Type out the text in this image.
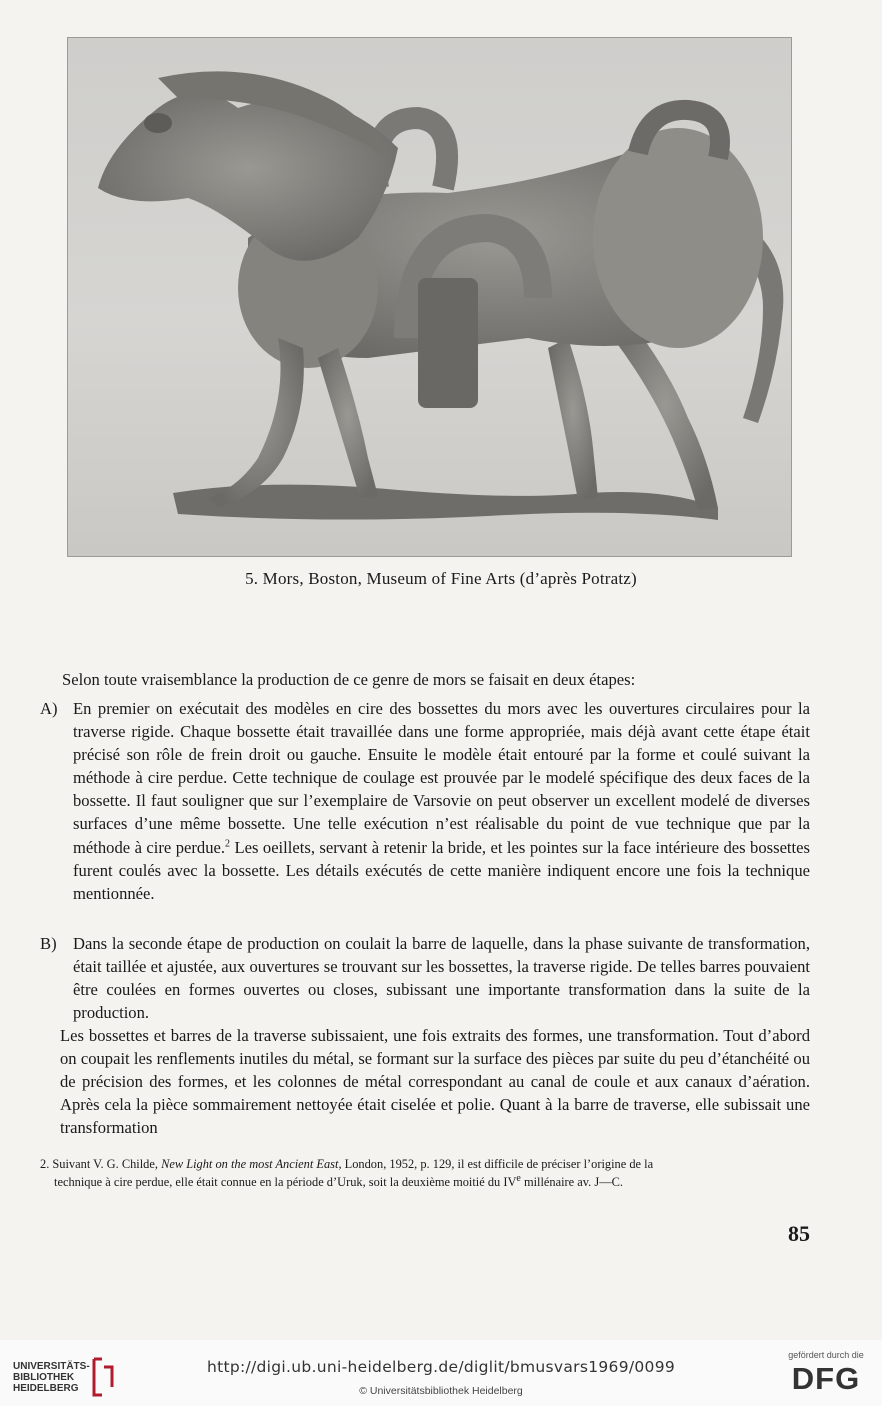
5. Mors, Boston, Museum of Fine Arts (d’après Potratz)
Selon toute vraisemblance la production de ce genre de mors se faisait en deux étapes:
A) En premier on exécutait des modèles en cire des bossettes du mors avec les ouvertures circulaires pour la traverse rigide. Chaque bossette était travaillée dans une forme appropriée, mais déjà avant cette étape était précisé son rôle de frein droit ou gauche. Ensuite le modèle était entouré par la forme et coulé suivant la méthode à cire perdue. Cette technique de coulage est prouvée par le modelé spécifique des deux faces de la bossette. Il faut souligner que sur l’exemplaire de Varsovie on peut observer un excellent modelé de diverses surfaces d’une même bossette. Une telle exécution n’est réalisable du point de vue technique que par la méthode à cire perdue.$^2$ Les oeillets, servant à retenir la bride, et les pointes sur la face intérieure des bossettes furent coulés avec la bossette. Les détails exécutés de cette manière indiquent encore une fois la technique mentionnée.
B) Dans la seconde étape de production on coulait la barre de laquelle, dans la phase suivante de transformation, était taillée et ajustée, aux ouvertures se trouvant sur les bossettes, la traverse rigide. De telles barres pouvaient être coulées en formes ouvertes ou closes, subissant une importante transformation dans la suite de la production.
Les bossettes et barres de la traverse subissaient, une fois extraits des formes, une transformation. Tout d’abord on coupait les renflements inutiles du métal, se formant sur la surface des pièces par suite du peu d’étanchéité ou de précision des formes, et les colonnes de métal correspondant au canal de coule et aux canaux d’aération. Après cela la pièce sommairement nettoyée était ciselée et polie. Quant à la barre de traverse, elle subissait une transformation
2. Suivant V. G. Childe, New Light on the most Ancient East, London, 1952, p. 129, il est difficile de préciser l’origine de la
technique à cire perdue, elle était connue en la période d’Uruk, soit la deuxième moitié du IVe millénaire av. J—C.
85
UNIVERSITÄTS-
BIBLIOTHEK
HEIDELBERG
http://digi.ub.uni-heidelberg.de/diglit/bmusvars1969/0099
© Universitätsbibliothek Heidelberg
gefördert durch die
DFG
